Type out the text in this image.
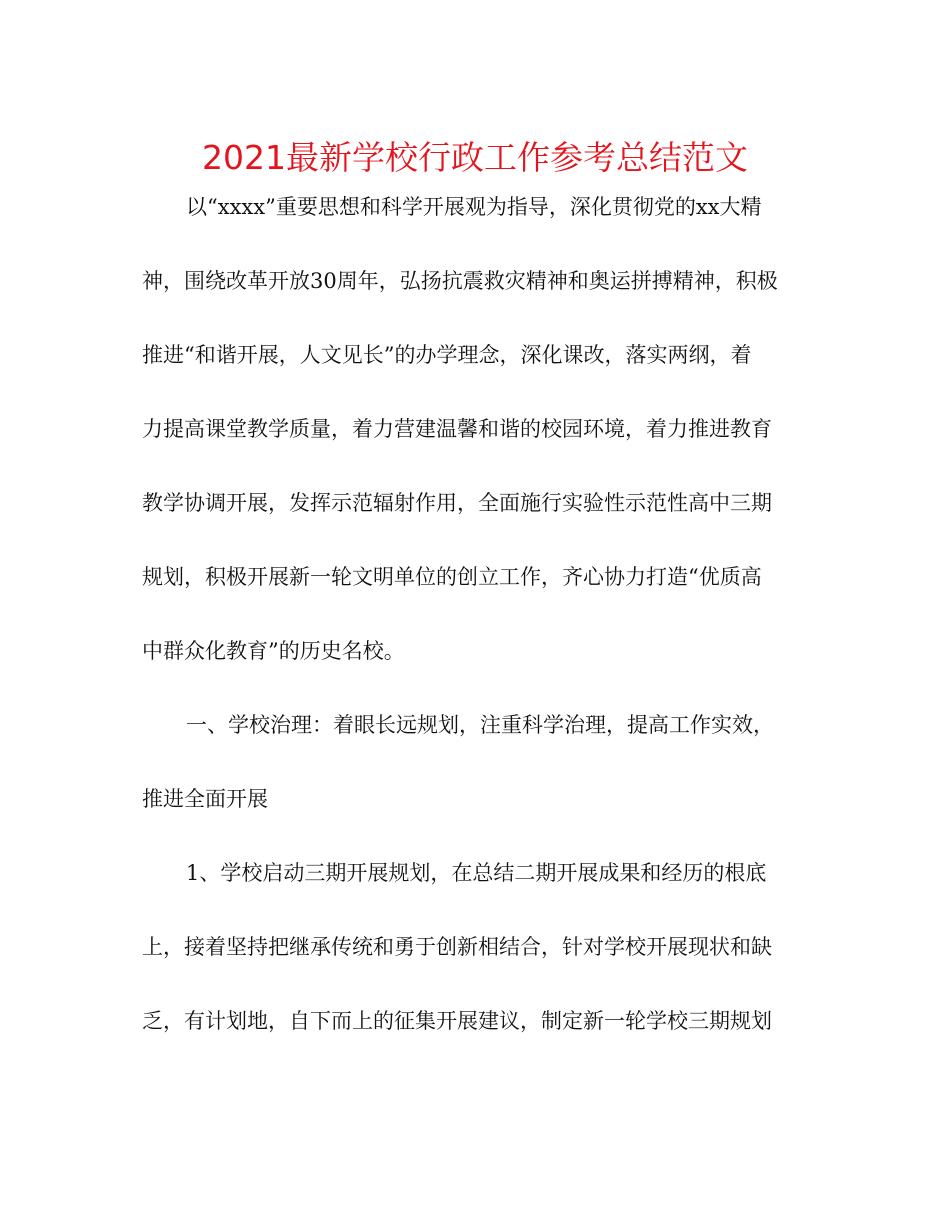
2021最新学校行政工作参考总结范文
以“xxxx”重要思想和科学开展观为指导，深化贯彻党的xx大精
神，围绕改革开放30周年，弘扬抗震救灾精神和奥运拼搏精神，积极
推进“和谐开展，人文见长”的办学理念，深化课改，落实两纲，着
力提高课堂教学质量，着力营建温馨和谐的校园环境，着力推进教育
教学协调开展，发挥示范辐射作用，全面施行实验性示范性高中三期
规划，积极开展新一轮文明单位的创立工作，齐心协力打造“优质高
中群众化教育”的历史名校。
一、学校治理：着眼长远规划，注重科学治理，提高工作实效，
推进全面开展
1、学校启动三期开展规划，在总结二期开展成果和经历的根底
上，接着坚持把继承传统和勇于创新相结合，针对学校开展现状和缺
乏，有计划地，自下而上的征集开展建议，制定新一轮学校三期规划
